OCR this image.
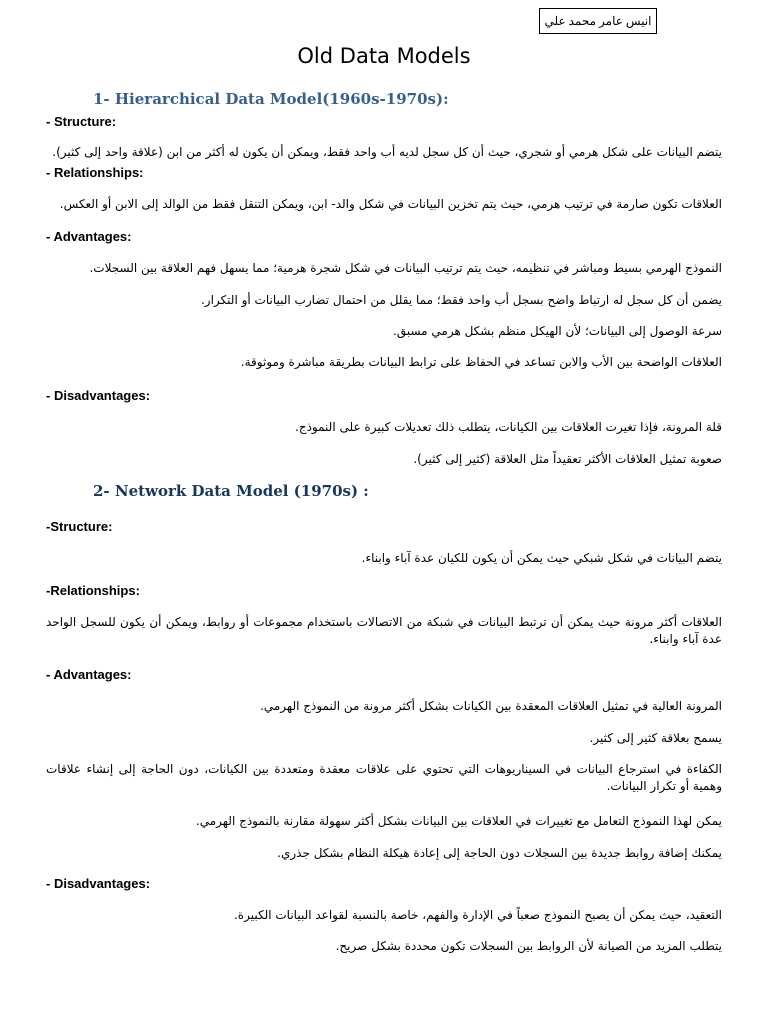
انيس عامر محمد علي
Old Data Models
1- Hierarchical Data Model(1960s-1970s):
- Structure:
يتضم البيانات على شكل هرمي أو شجري، حيث أن كل سجل لديه أب واحد فقط، ويمكن أن يكون له أكثر من ابن (علاقة واحد إلى كثير).
- Relationships:
العلاقات تكون صارمة في ترتيب هرمي، حيث يتم تخزين البيانات في شكل والد- ابن، ويمكن التنقل فقط من الوالد إلى الابن أو العكس.
- Advantages:
النموذج الهرمي بسيط ومباشر في تنظيمه، حيث يتم ترتيب البيانات في شكل شجرة هرمية؛ مما يسهل فهم العلاقة بين السجلات.
يضمن أن كل سجل له ارتباط واضح بسجل أب واحد فقط؛ مما يقلل من احتمال تضارب البيانات أو التكرار.
سرعة الوصول إلى البيانات؛ لأن الهيكل منظم بشكل هرمي مسبق.
العلاقات الواضحة بين الأب والابن تساعد في الحفاظ على ترابط البيانات بطريقة مباشرة وموثوقة.
- Disadvantages:
قلة المرونة، فإذا تغيرت العلاقات بين الكيانات، يتطلب ذلك تعديلات كبيرة على النموذج.
صعوبة تمثيل العلاقات الأكثر تعقيداً مثل العلاقة (كثير إلى كثير).
2- Network Data Model (1970s) :
-Structure:
يتضم البيانات في شكل شبكي حيث يمكن أن يكون للكيان عدة آباء وابناء.
-Relationships:
العلاقات أكثر مرونة حيث يمكن أن ترتبط البيانات في شبكة من الاتصالات باستخدام مجموعات أو روابط، ويمكن أن يكون للسجل الواحد عدة آباء وابناء.
- Advantages:
المرونة العالية في تمثيل العلاقات المعقدة بين الكيانات بشكل أكثر مرونة من النموذج الهرمي.
يسمح بعلاقة كثير إلى كثير.
الكفاءة في استرجاع البيانات في السيناريوهات التي تحتوي على علاقات معقدة ومتعددة بين الكيانات، دون الحاجة إلى إنشاء علاقات وهمية أو تكرار البيانات.
يمكن لهذا النموذج التعامل مع تغييرات في العلاقات بين البيانات بشكل أكثر سهولة مقارنة بالنموذج الهرمي.
يمكنك إضافة روابط جديدة بين السجلات دون الحاجة إلى إعادة هيكلة النظام بشكل جذري.
- Disadvantages:
التعقيد، حيث يمكن أن يصبح النموذج صعباً في الإدارة والفهم، خاصة بالنسبة لقواعد البيانات الكبيرة.
يتطلب المزيد من الصيانة لأن الروابط بين السجلات تكون محددة بشكل صريح.
